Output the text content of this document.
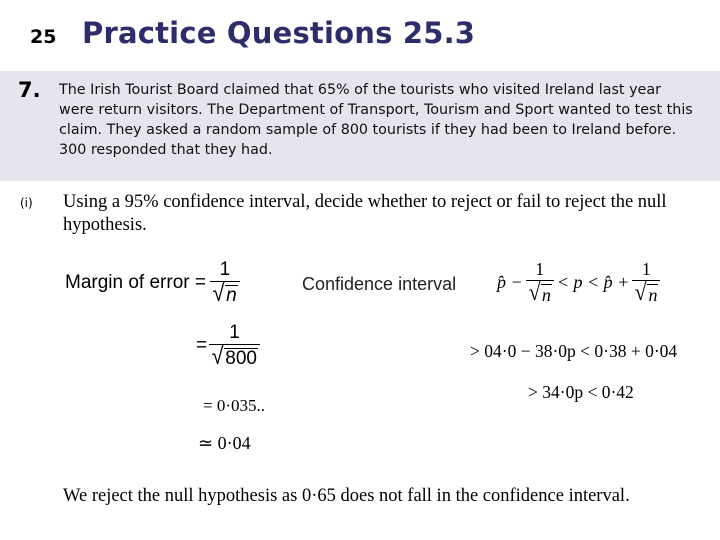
25 Practice Questions 25.3
7. The Irish Tourist Board claimed that 65% of the tourists who visited Ireland last year were return visitors. The Department of Transport, Tourism and Sport wanted to test this claim. They asked a random sample of 800 tourists if they had been to Ireland before. 300 responded that they had.
(i) Using a 95% confidence interval, decide whether to reject or fail to reject the null hypothesis.
Margin of error = $\frac{1}{√ n}$
= $\frac{1}{√ 800}$
= 0·035..
≃ 0·04
Confidence interval p̂ − $\frac{1}{√ n} < p$ < p̂ + $\frac{1}{√ n}$
> 04·0 − 38·0p < 0·38 + 0·04
> 34·0p < 0·42
We reject the null hypothesis as 0·65 does not fall in the confidence interval.
